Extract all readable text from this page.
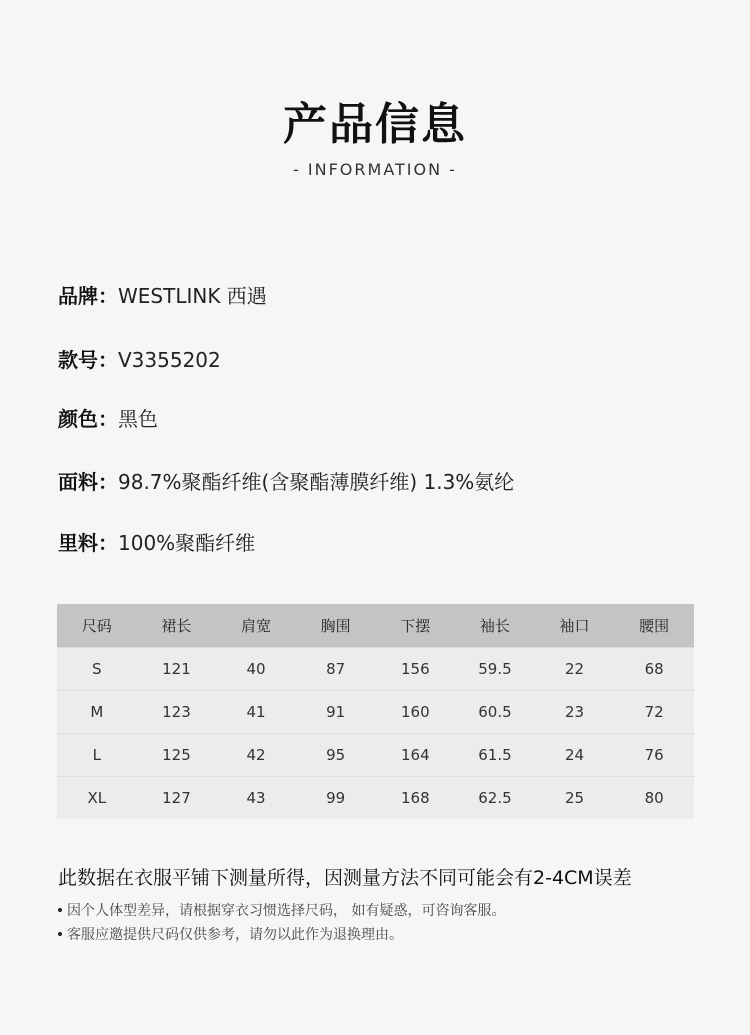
产品信息
- INFORMATION -
品牌：WESTLINK 西遇
款号：V3355202
颜色：黑色
面料：98.7%聚酯纤维(含聚酯薄膜纤维) 1.3%氨纶
里料：100%聚酯纤维
尺码	裙长	肩宽	胸围	下摆	袖长	袖口	腰围
S	121	40	87	156	59.5	22	68
M	123	41	91	160	60.5	23	72
L	125	42	95	164	61.5	24	76
XL	127	43	99	168	62.5	25	80
此数据在衣服平铺下测量所得，因测量方法不同可能会有2-4CM误差
因个人体型差异，请根据穿衣习惯选择尺码， 如有疑惑，可咨询客服。
客服应邀提供尺码仅供参考，请勿以此作为退换理由。
